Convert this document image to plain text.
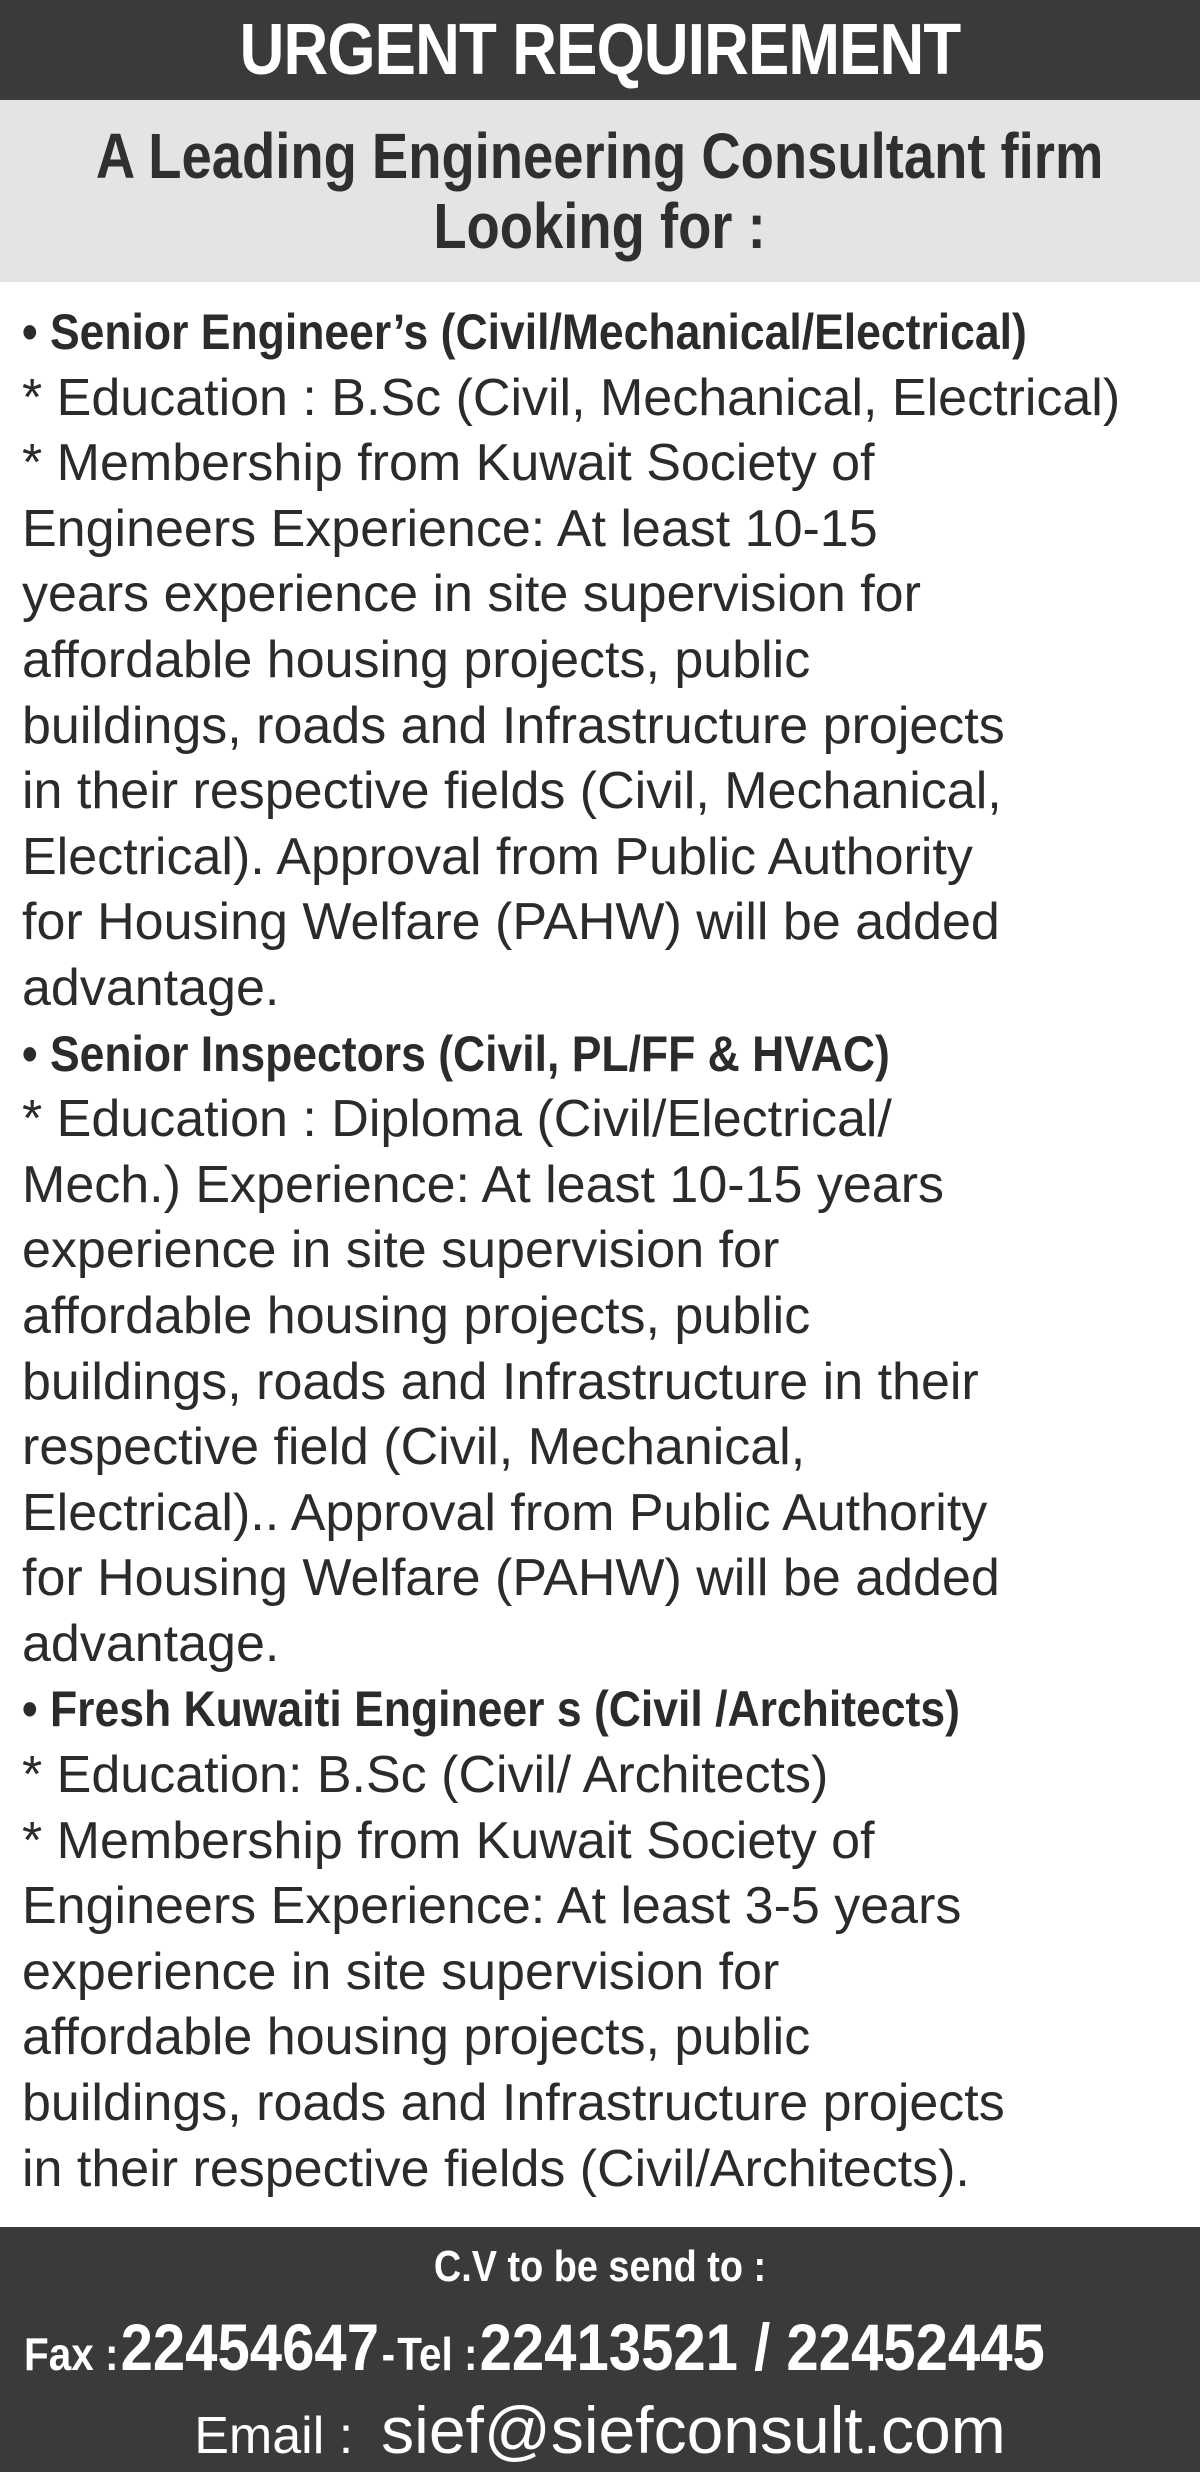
URGENT REQUIREMENT
A Leading Engineering Consultant firm
Looking for :
• Senior Engineer’s (Civil/Mechanical/Electrical)
* Education : B.Sc (Civil, Mechanical, Electrical)
* Membership from Kuwait Society of
Engineers Experience: At least 10-15
years experience in site supervision for
affordable housing projects, public
buildings, roads and Infrastructure projects
in their respective fields (Civil, Mechanical,
Electrical). Approval from Public Authority
for Housing Welfare (PAHW) will be added
advantage.
• Senior Inspectors (Civil, PL/FF & HVAC)
* Education : Diploma (Civil/Electrical/
Mech.) Experience: At least 10-15 years
experience in site supervision for
affordable housing projects, public
buildings, roads and Infrastructure in their
respective field (Civil, Mechanical,
Electrical).. Approval from Public Authority
for Housing Welfare (PAHW) will be added
advantage.
• Fresh Kuwaiti Engineer s (Civil /Architects)
* Education: B.Sc (Civil/ Architects)
* Membership from Kuwait Society of
Engineers Experience: At least 3-5 years
experience in site supervision for
affordable housing projects, public
buildings, roads and Infrastructure projects
in their respective fields (Civil/Architects).
C.V to be send to :
Fax : 22454647 - Tel : 22413521 / 22452445
Email : sief@siefconsult.com
